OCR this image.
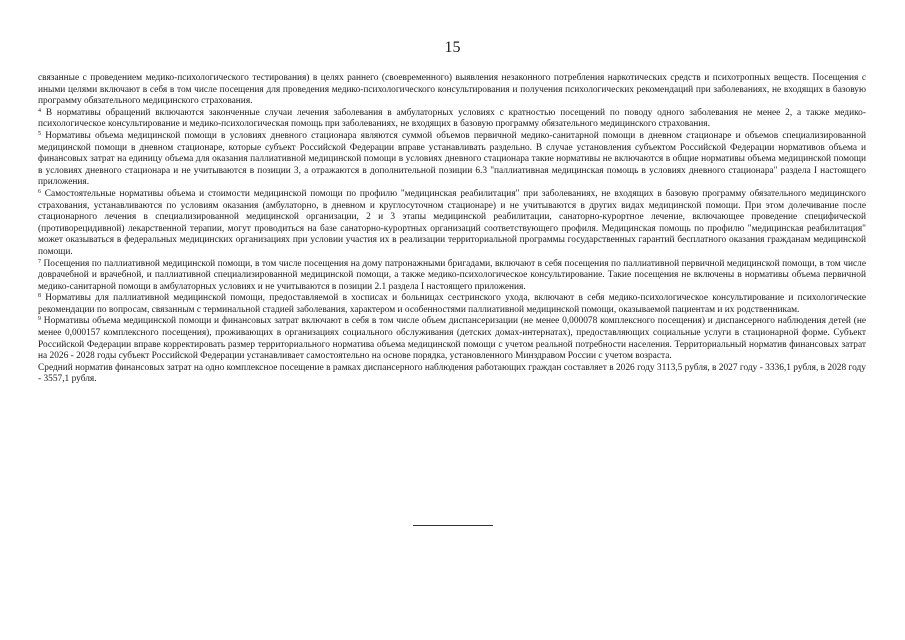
15

связанные с проведением медико-психологического тестирования) в целях раннего (своевременного) выявления незаконного потребления наркотических средств и психотропных веществ. Посещения с иными целями включают в себя в том числе посещения для проведения медико-психологического консультирования и получения психологических рекомендаций при заболеваниях, не входящих в базовую программу обязательного медицинского страхования.

$^4$ В нормативы обращений включаются законченные случаи лечения заболевания в амбулаторных условиях с кратностью посещений по поводу одного заболевания не менее 2, а также медико-психологическое консультирование и медико-психологическая помощь при заболеваниях, не входящих в базовую программу обязательного медицинского страхования.

$^5$ Нормативы объема медицинской помощи в условиях дневного стационара являются суммой объемов первичной медико-санитарной помощи в дневном стационаре и объемов специализированной медицинской помощи в дневном стационаре, которые субъект Российской Федерации вправе устанавливать раздельно. В случае установления субъектом Российской Федерации нормативов объема и финансовых затрат на единицу объема для оказания паллиативной медицинской помощи в условиях дневного стационара такие нормативы не включаются в общие нормативы объема медицинской помощи в условиях дневного стационара и не учитываются в позиции 3, а отражаются в дополнительной позиции 6.3 "паллиативная медицинская помощь в условиях дневного стационара" раздела I настоящего приложения.

$^6$ Самостоятельные нормативы объема и стоимости медицинской помощи по профилю "медицинская реабилитация" при заболеваниях, не входящих в базовую программу обязательного медицинского страхования, устанавливаются по условиям оказания (амбулаторно, в дневном и круглосуточном стационаре) и не учитываются в других видах медицинской помощи. При этом долечивание после стационарного лечения в специализированной медицинской организации, 2 и 3 этапы медицинской реабилитации, санаторно-курортное лечение, включающее проведение специфической (противорецидивной) лекарственной терапии, могут проводиться на базе санаторно-курортных организаций соответствующего профиля. Медицинская помощь по профилю "медицинская реабилитация" может оказываться в федеральных медицинских организациях при условии участия их в реализации территориальной программы государственных гарантий бесплатного оказания гражданам медицинской помощи.

$^7$ Посещения по паллиативной медицинской помощи, в том числе посещения на дому патронажными бригадами, включают в себя посещения по паллиативной первичной медицинской помощи, в том числе доврачебной и врачебной, и паллиативной специализированной медицинской помощи, а также медико-психологическое консультирование. Такие посещения не включены в нормативы объема первичной медико-санитарной помощи в амбулаторных условиях и не учитываются в позиции 2.1 раздела I настоящего приложения.

$^8$ Нормативы для паллиативной медицинской помощи, предоставляемой в хосписах и больницах сестринского ухода, включают в себя медико-психологическое консультирование и психологические рекомендации по вопросам, связанным с терминальной стадией заболевания, характером и особенностями паллиативной медицинской помощи, оказываемой пациентам и их родственникам.

$^9$ Нормативы объема медицинской помощи и финансовых затрат включают в себя в том числе объем диспансеризации (не менее 0,000078 комплексного посещения) и диспансерного наблюдения детей (не менее 0,000157 комплексного посещения), проживающих в организациях социального обслуживания (детских домах-интернатах), предоставляющих социальные услуги в стационарной форме. Субъект Российской Федерации вправе корректировать размер территориального норматива объема медицинской помощи с учетом реальной потребности населения. Территориальный норматив финансовых затрат на 2026 - 2028 годы субъект Российской Федерации устанавливает самостоятельно на основе порядка, установленного Минздравом России с учетом возраста.

Средний норматив финансовых затрат на одно комплексное посещение в рамках диспансерного наблюдения работающих граждан составляет в 2026 году 3113,5 рубля, в 2027 году - 3336,1 рубля, в 2028 году - 3557,1 рубля.
